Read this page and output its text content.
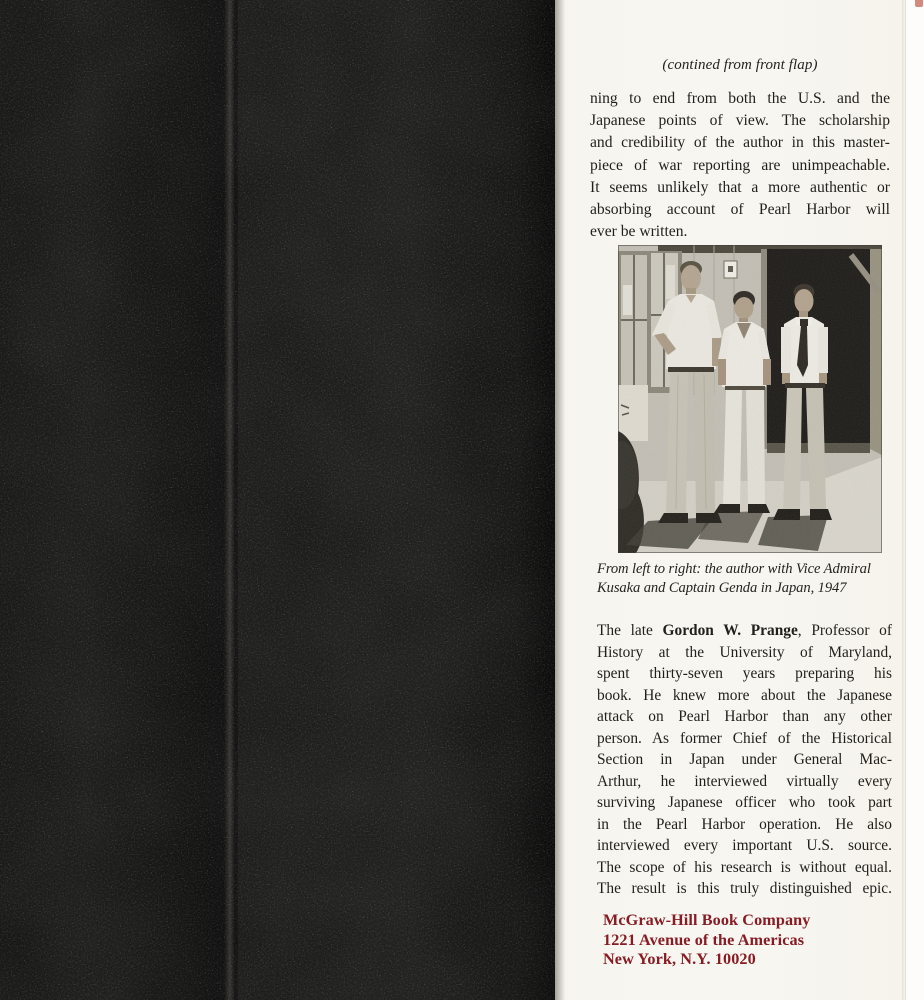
(contined from front flap)
ning to end from both the U.S. and the
Japanese points of view. The scholarship
and credibility of the author in this master-
piece of war reporting are unimpeachable.
It seems unlikely that a more authentic or
absorbing account of Pearl Harbor will
ever be written.
From left to right: the author with Vice Admiral
Kusaka and Captain Genda in Japan, 1947
The late Gordon W. Prange, Professor of
History at the University of Maryland,
spent thirty-seven years preparing his
book. He knew more about the Japanese
attack on Pearl Harbor than any other
person. As former Chief of the Historical
Section in Japan under General Mac-
Arthur, he interviewed virtually every
surviving Japanese officer who took part
in the Pearl Harbor operation. He also
interviewed every important U.S. source.
The scope of his research is without equal.
The result is this truly distinguished epic.
McGraw-Hill Book Company
1221 Avenue of the Americas
New York, N.Y. 10020
